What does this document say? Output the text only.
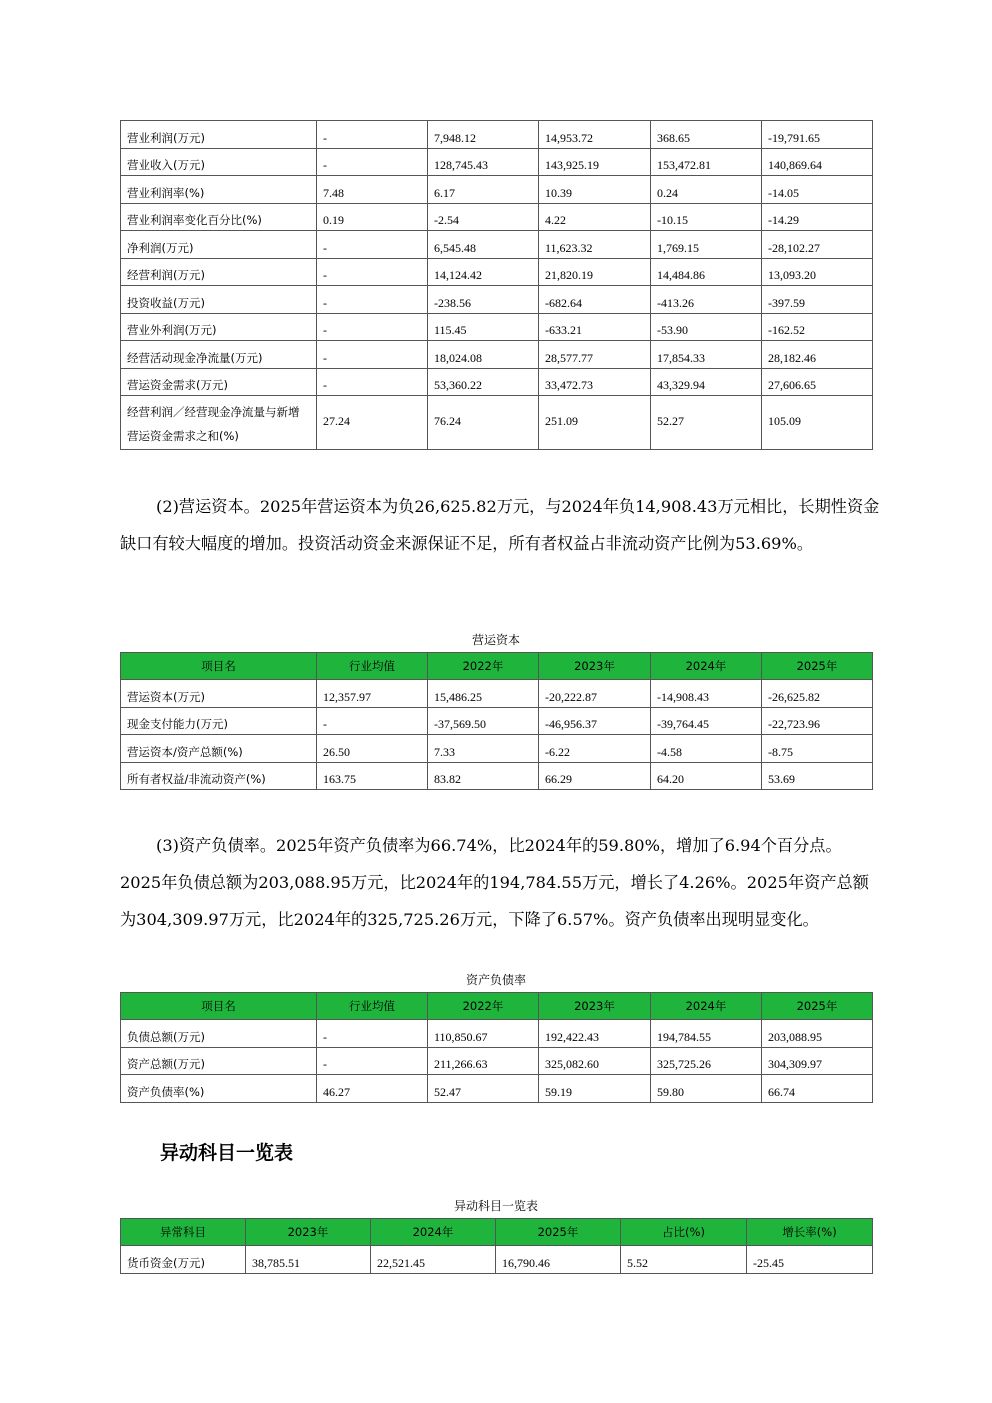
营业利润(万元)	-	7,948.12	14,953.72	368.65	-19,791.65
营业收入(万元)	-	128,745.43	143,925.19	153,472.81	140,869.64
营业利润率(%)	7.48	6.17	10.39	0.24	-14.05
营业利润率变化百分比(%)	0.19	-2.54	4.22	-10.15	-14.29
净利润(万元)	-	6,545.48	11,623.32	1,769.15	-28,102.27
经营利润(万元)	-	14,124.42	21,820.19	14,484.86	13,093.20
投资收益(万元)	-	-238.56	-682.64	-413.26	-397.59
营业外利润(万元)	-	115.45	-633.21	-53.90	-162.52
经营活动现金净流量(万元)	-	18,024.08	28,577.77	17,854.33	28,182.46
营运资金需求(万元)	-	53,360.22	33,472.73	43,329.94	27,606.65
经营利润／经营现金净流量与新增营运资金需求之和(%)	27.24	76.24	251.09	52.27	105.09

(2)营运资本。2025年营运资本为负26,625.82万元，与2024年负14,908.43万元相比，长期性资金缺口有较大幅度的增加。投资活动资金来源保证不足，所有者权益占非流动资产比例为53.69%。

营运资本
项目名	行业均值	2022年	2023年	2024年	2025年
营运资本(万元)	12,357.97	15,486.25	-20,222.87	-14,908.43	-26,625.82
现金支付能力(万元)	-	-37,569.50	-46,956.37	-39,764.45	-22,723.96
营运资本/资产总额(%)	26.50	7.33	-6.22	-4.58	-8.75
所有者权益/非流动资产(%)	163.75	83.82	66.29	64.20	53.69

(3)资产负债率。2025年资产负债率为66.74%，比2024年的59.80%，增加了6.94个百分点。2025年负债总额为203,088.95万元，比2024年的194,784.55万元，增长了4.26%。2025年资产总额为304,309.97万元，比2024年的325,725.26万元，下降了6.57%。资产负债率出现明显变化。

资产负债率
项目名	行业均值	2022年	2023年	2024年	2025年
负债总额(万元)	-	110,850.67	192,422.43	194,784.55	203,088.95
资产总额(万元)	-	211,266.63	325,082.60	325,725.26	304,309.97
资产负债率(%)	46.27	52.47	59.19	59.80	66.74
异动科目一览表
异动科目一览表
异常科目	2023年	2024年	2025年	占比(%)	增长率(%)
货币资金(万元)	38,785.51	22,521.45	16,790.46	5.52	-25.45
